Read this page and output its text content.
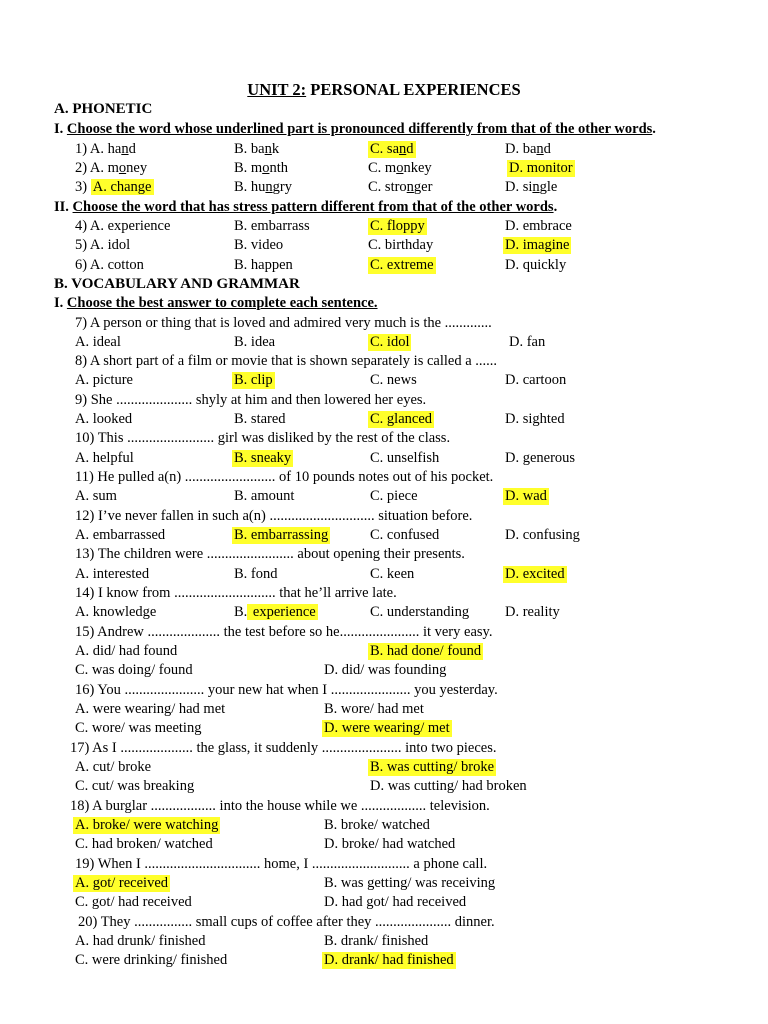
UNIT 2: PERSONAL EXPERIENCES
A. PHONETIC
I. Choose the word whose underlined part is pronounced differently from that of the other words.
1) A. hand	B. bank	C. sand	D. band
2) A. money	B. month	C. monkey	D. monitor
3) A. change	B. hungry	C. stronger	D. single
II. Choose the word that has stress pattern different from that of the other words.
4) A. experience	B. embarrass	C. floppy	D. embrace
5) A. idol	B. video	C. birthday	D. imagine
6) A. cotton	B. happen	C. extreme	D. quickly
B. VOCABULARY AND GRAMMAR
I. Choose the best answer to complete each sentence.
7) A person or thing that is loved and admired very much is the .............
A. ideal	B. idea	C. idol	D. fan
8) A short part of a film or movie that is shown separately is called a ......
A. picture	B. clip	C. news	D. cartoon
9) She ..................... shyly at him and then lowered her eyes.
A. looked	B. stared	C. glanced	D. sighted
10) This ........................ girl was disliked by the rest of the class.
A. helpful	B. sneaky	C. unselfish	D. generous
11) He pulled a(n) ......................... of 10 pounds notes out of his pocket.
A. sum	B. amount	C. piece	D. wad
12) I’ve never fallen in such a(n) ............................. situation before.
A. embarrassed	B. embarrassing	C. confused	D. confusing
13) The children were ........................ about opening their presents.
A. interested	B. fond	C. keen	D. excited
14) I know from ............................ that he’ll arrive late.
A. knowledge	B. experience	C. understanding D. reality
15) Andrew .................... the test before so he...................... it very easy.
A. did/ had found	B. had done/ found
C. was doing/ found	D. did/ was founding
16) You ...................... your new hat when I ...................... you yesterday.
A. were wearing/ had met	B. wore/ had met
C. wore/ was meeting	D. were wearing/ met
17) As I .................... the glass, it suddenly ...................... into two pieces.
A. cut/ broke	B. was cutting/ broke
C. cut/ was breaking	D. was cutting/ had broken
18) A burglar .................. into the house while we .................. television.
A. broke/ were watching	B. broke/ watched
C. had broken/ watched	D. broke/ had watched
19) When I ................................ home, I ........................... a phone call.
A. got/ received	B. was getting/ was receiving
C. got/ had received	D. had got/ had received
20) They ................ small cups of coffee after they ..................... dinner.
A. had drunk/ finished	B. drank/ finished
C. were drinking/ finished	D. drank/ had finished
